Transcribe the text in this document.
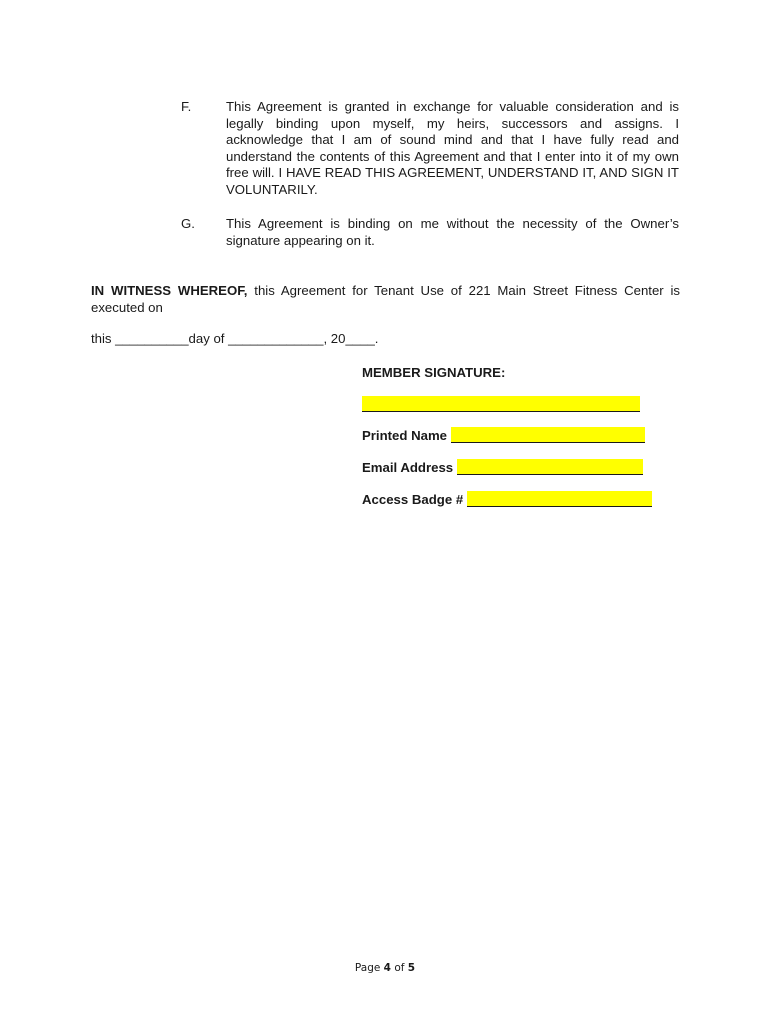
F.	This Agreement is granted in exchange for valuable consideration and is legally binding upon myself, my heirs, successors and assigns. I acknowledge that I am of sound mind and that I have fully read and understand the contents of this Agreement and that I enter into it of my own free will. I HAVE READ THIS AGREEMENT, UNDERSTAND IT, AND SIGN IT VOLUNTARILY.
G. This Agreement is binding on me without the necessity of the Owner’s signature appearing on it.
IN WITNESS WHEREOF, this Agreement for Tenant Use of 221 Main Street Fitness Center is executed on
this __________day of _____________, 20____.
MEMBER SIGNATURE:
Printed Name
Email Address
Access Badge #
Page 4 of 5
